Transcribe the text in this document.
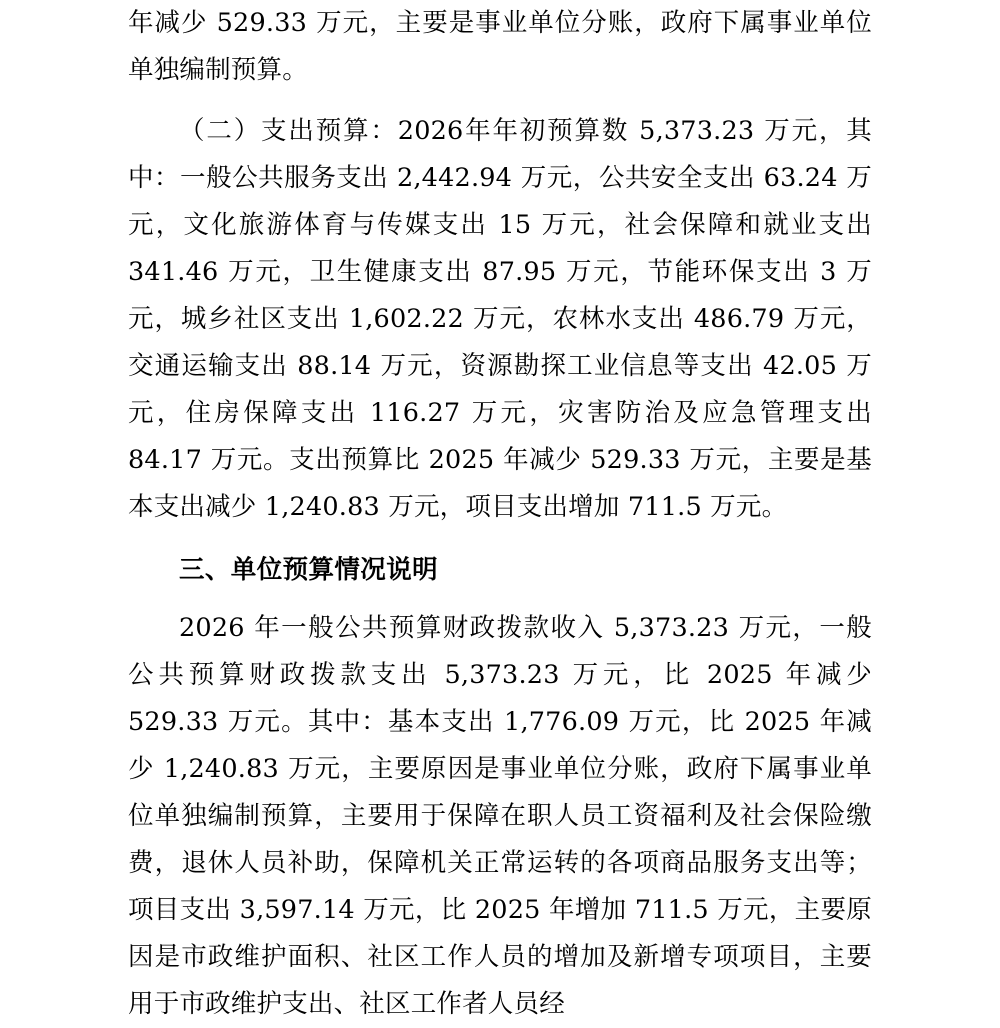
年减少 529.33 万元，主要是事业单位分账，政府下属事业单位单独编制预算。

（二）支出预算：2026年年初预算数 5,373.23 万元，其中：一般公共服务支出 2,442.94 万元，公共安全支出 63.24 万元，文化旅游体育与传媒支出 15 万元，社会保障和就业支出 341.46 万元，卫生健康支出 87.95 万元，节能环保支出 3 万元，城乡社区支出 1,602.22 万元，农林水支出 486.79 万元，交通运输支出 88.14 万元，资源勘探工业信息等支出 42.05 万元，住房保障支出 116.27 万元，灾害防治及应急管理支出 84.17 万元。支出预算比 2025 年减少 529.33 万元，主要是基本支出减少 1,240.83 万元，项目支出增加 711.5 万元。

三、单位预算情况说明

2026 年一般公共预算财政拨款收入 5,373.23 万元，一般公共预算财政拨款支出 5,373.23 万元，比 2025 年减少 529.33 万元。其中：基本支出 1,776.09 万元，比 2025 年减少 1,240.83 万元，主要原因是事业单位分账，政府下属事业单位单独编制预算，主要用于保障在职人员工资福利及社会保险缴费，退休人员补助，保障机关正常运转的各项商品服务支出等；项目支出 3,597.14 万元，比 2025 年增加 711.5 万元，主要原因是市政维护面积、社区工作人员的增加及新增专项项目，主要用于市政维护支出、社区工作者人员经
